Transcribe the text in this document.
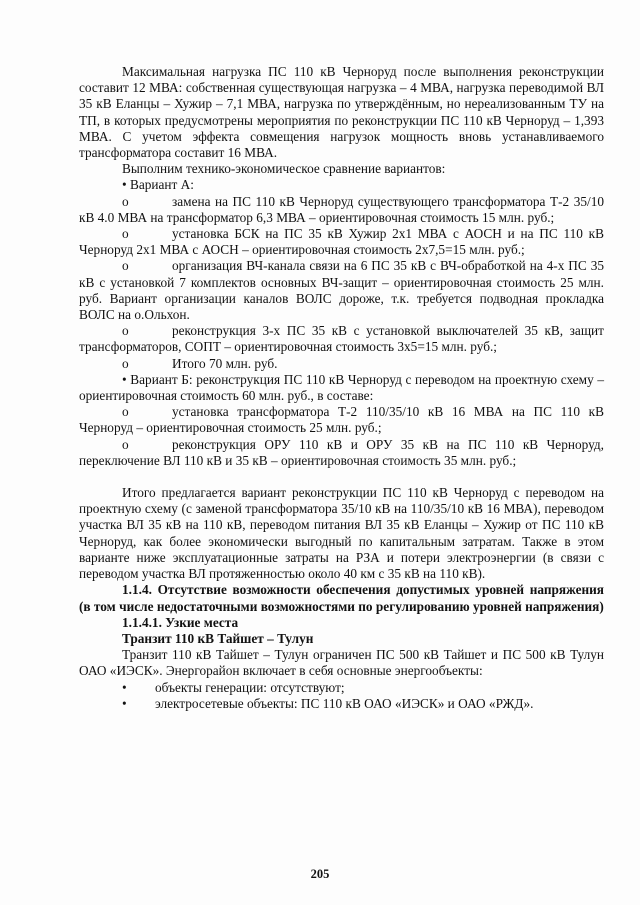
Максимальная нагрузка ПС 110 кВ Черноруд после выполнения реконструкции составит 12 МВА: собственная существующая нагрузка – 4 МВА, нагрузка переводимой ВЛ 35 кВ Еланцы – Хужир – 7,1 МВА, нагрузка по утверждённым, но нереализованным ТУ на ТП, в которых предусмотрены мероприятия по реконструкции ПС 110 кВ Черноруд – 1,393 МВА. С учетом эффекта совмещения нагрузок мощность вновь устанавливаемого трансформатора составит 16 МВА.

Выполним технико-экономическое сравнение вариантов:

• Вариант А:

o	замена на ПС 110 кВ Черноруд существующего трансформатора Т-2 35/10 кВ 4.0 МВА на трансформатор 6,3 МВА – ориентировочная стоимость 15 млн. руб.;

o	установка БСК на ПС 35 кВ Хужир 2х1 МВА с АОСН и на ПС 110 кВ Черноруд 2х1 МВА с АОСН – ориентировочная стоимость 2х7,5=15 млн. руб.;

o	организация ВЧ-канала связи на 6 ПС 35 кВ с ВЧ-обработкой на 4-х ПС 35 кВ с установкой 7 комплектов основных ВЧ-защит – ориентировочная стоимость 25 млн. руб. Вариант организации каналов ВОЛС дороже, т.к. требуется подводная прокладка ВОЛС на о.Ольхон.

o	реконструкция 3-х ПС 35 кВ с установкой выключателей 35 кВ, защит трансформаторов, СОПТ – ориентировочная стоимость 3х5=15 млн. руб.;

o	Итого 70 млн. руб.

• Вариант Б: реконструкция ПС 110 кВ Черноруд с переводом на проектную схему – ориентировочная стоимость 60 млн. руб., в составе:

o	установка трансформатора Т-2 110/35/10 кВ 16 МВА на ПС 110 кВ Черноруд – ориентировочная стоимость 25 млн. руб.;

o	реконструкция ОРУ 110 кВ и ОРУ 35 кВ на ПС 110 кВ Черноруд, переключение ВЛ 110 кВ и 35 кВ – ориентировочная стоимость 35 млн. руб.;

Итого предлагается вариант реконструкции ПС 110 кВ Черноруд с переводом на проектную схему (с заменой трансформатора 35/10 кВ на 110/35/10 кВ 16 МВА), переводом участка ВЛ 35 кВ на 110 кВ, переводом питания ВЛ 35 кВ Еланцы – Хужир от ПС 110 кВ Черноруд, как более экономически выгодный по капитальным затратам. Также в этом варианте ниже эксплуатационные затраты на РЗА и потери электроэнергии (в связи с переводом участка ВЛ протяженностью около 40 км с 35 кВ на 110 кВ).

1.1.4. Отсутствие возможности обеспечения допустимых уровней напряжения (в том числе недостаточными возможностями по регулированию уровней напряжения)

1.1.4.1. Узкие места

Транзит 110 кВ Тайшет – Тулун

Транзит 110 кВ Тайшет – Тулун ограничен ПС 500 кВ Тайшет и ПС 500 кВ Тулун ОАО «ИЭСК». Энергорайон включает в себя основные энергообъекты:

• объекты генерации: отсутствуют;

• электросетевые объекты: ПС 110 кВ ОАО «ИЭСК» и ОАО «РЖД».

205
